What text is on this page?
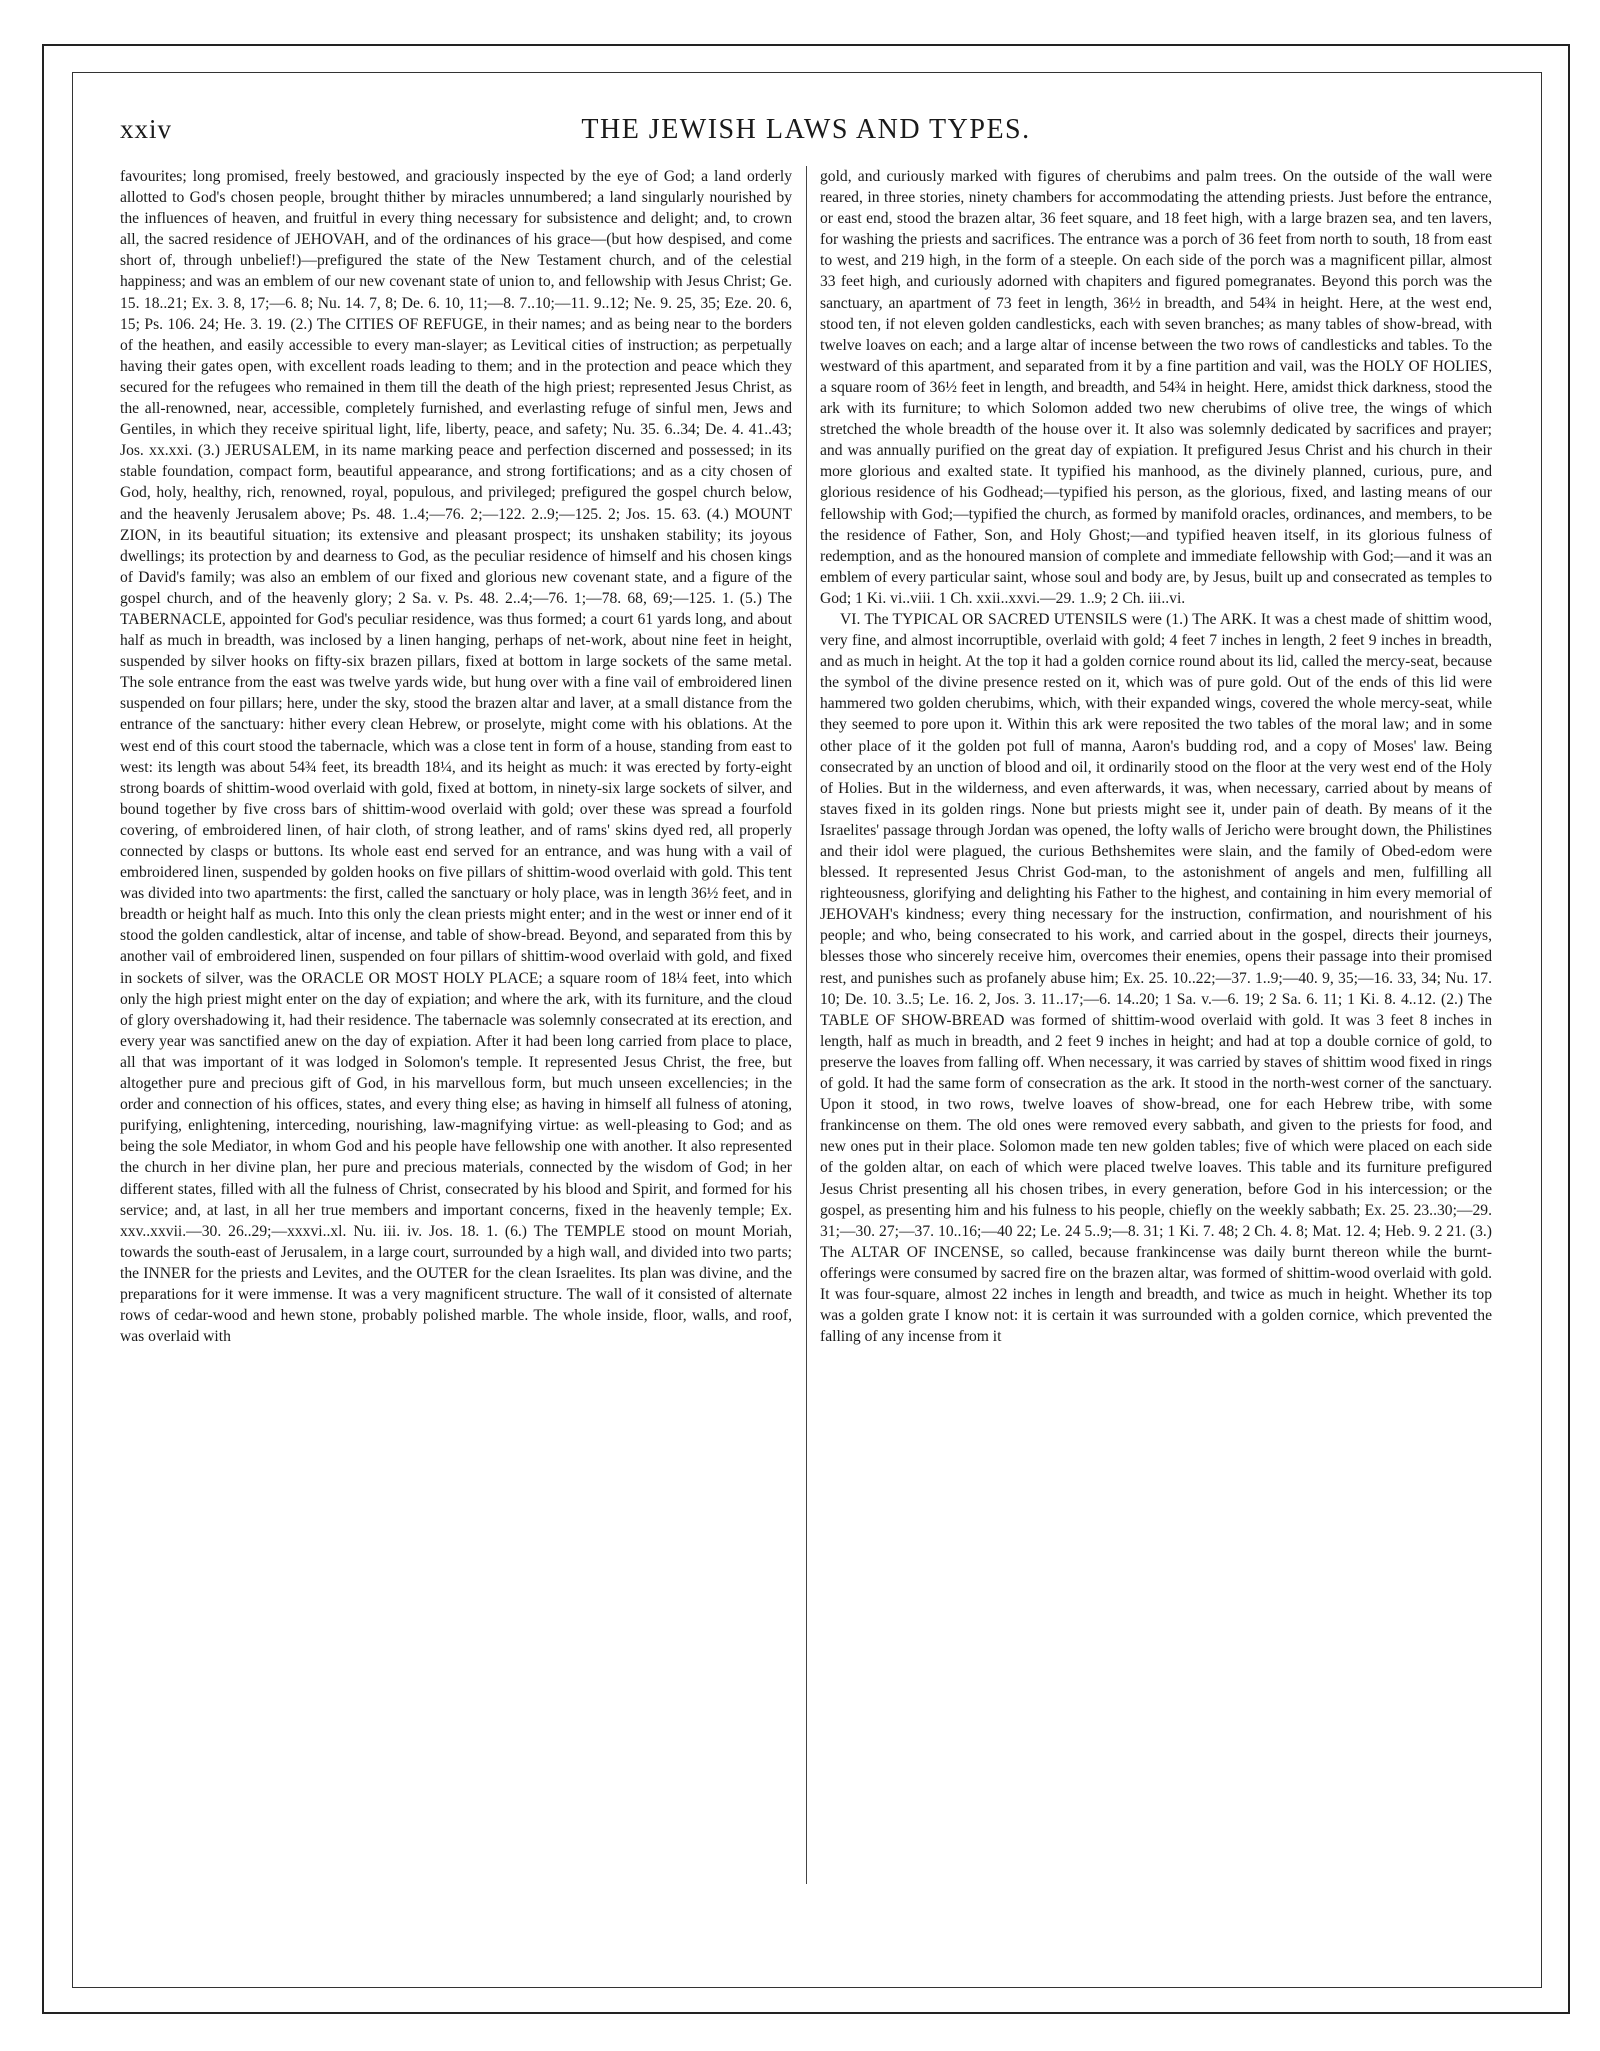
xxiv	THE JEWISH LAWS AND TYPES.

favourites; long promised, freely bestowed, and graciously inspected by the eye of God; a land orderly allotted to God's chosen people, brought thither by miracles unnumbered; a land singularly nourished by the influences of heaven, and fruitful in every thing necessary for subsistence and delight; and, to crown all, the sacred residence of JEHOVAH, and of the ordinances of his grace—(but how despised, and come short of, through unbelief!)—prefigured the state of the New Testament church, and of the celestial happiness; and was an emblem of our new covenant state of union to, and fellowship with Jesus Christ; Ge. 15. 18..21; Ex. 3. 8, 17;—6. 8; Nu. 14. 7, 8; De. 6. 10, 11;—8. 7..10;—11. 9..12; Ne. 9. 25, 35; Eze. 20. 6, 15; Ps. 106. 24; He. 3. 19. (2.) The CITIES OF REFUGE, in their names; and as being near to the borders of the heathen, and easily accessible to every man-slayer; as Levitical cities of instruction; as perpetually having their gates open, with excellent roads leading to them; and in the protection and peace which they secured for the refugees who remained in them till the death of the high priest; represented Jesus Christ, as the all-renowned, near, accessible, completely furnished, and everlasting refuge of sinful men, Jews and Gentiles, in which they receive spiritual light, life, liberty, peace, and safety; Nu. 35. 6..34; De. 4. 41..43; Jos. xx.xxi. (3.) JERUSALEM, in its name marking peace and perfection discerned and possessed; in its stable foundation, compact form, beautiful appearance, and strong fortifications; and as a city chosen of God, holy, healthy, rich, renowned, royal, populous, and privileged; prefigured the gospel church below, and the heavenly Jerusalem above; Ps. 48. 1..4;—76. 2;—122. 2..9;—125. 2; Jos. 15. 63. (4.) MOUNT ZION, in its beautiful situation; its extensive and pleasant prospect; its unshaken stability; its joyous dwellings; its protection by and dearness to God, as the peculiar residence of himself and his chosen kings of David's family; was also an emblem of our fixed and glorious new covenant state, and a figure of the gospel church, and of the heavenly glory; 2 Sa. v. Ps. 48. 2..4;—76. 1;—78. 68, 69;—125. 1. (5.) The TABERNACLE, appointed for God's peculiar residence, was thus formed; a court 61 yards long, and about half as much in breadth, was inclosed by a linen hanging, perhaps of net-work, about nine feet in height, suspended by silver hooks on fifty-six brazen pillars, fixed at bottom in large sockets of the same metal. The sole entrance from the east was twelve yards wide, but hung over with a fine vail of embroidered linen suspended on four pillars; here, under the sky, stood the brazen altar and laver, at a small distance from the entrance of the sanctuary: hither every clean Hebrew, or proselyte, might come with his oblations. At the west end of this court stood the tabernacle, which was a close tent in form of a house, standing from east to west: its length was about 54¾ feet, its breadth 18¼, and its height as much: it was erected by forty-eight strong boards of shittim-wood overlaid with gold, fixed at bottom, in ninety-six large sockets of silver, and bound together by five cross bars of shittim-wood overlaid with gold; over these was spread a fourfold covering, of embroidered linen, of hair cloth, of strong leather, and of rams' skins dyed red, all properly connected by clasps or buttons. Its whole east end served for an entrance, and was hung with a vail of embroidered linen, suspended by golden hooks on five pillars of shittim-wood overlaid with gold. This tent was divided into two apartments: the first, called the sanctuary or holy place, was in length 36½ feet, and in breadth or height half as much. Into this only the clean priests might enter; and in the west or inner end of it stood the golden candlestick, altar of incense, and table of show-bread. Beyond, and separated from this by another vail of embroidered linen, suspended on four pillars of shittim-wood overlaid with gold, and fixed in sockets of silver, was the ORACLE OR MOST HOLY PLACE; a square room of 18¼ feet, into which only the high priest might enter on the day of expiation; and where the ark, with its furniture, and the cloud of glory overshadowing it, had their residence. The tabernacle was solemnly consecrated at its erection, and every year was sanctified anew on the day of expiation. After it had been long carried from place to place, all that was important of it was lodged in Solomon's temple. It represented Jesus Christ, the free, but altogether pure and precious gift of God, in his marvellous form, but much unseen excellencies; in the order and connection of his offices, states, and every thing else; as having in himself all fulness of atoning, purifying, enlightening, interceding, nourishing, law-magnifying virtue: as well-pleasing to God; and as being the sole Mediator, in whom God and his people have fellowship one with another. It also represented the church in her divine plan, her pure and precious materials, connected by the wisdom of God; in her different states, filled with all the fulness of Christ, consecrated by his blood and Spirit, and formed for his service; and, at last, in all her true members and important concerns, fixed in the heavenly temple; Ex. xxv..xxvii.—30. 26..29;—xxxvi..xl. Nu. iii. iv. Jos. 18. 1. (6.) The TEMPLE stood on mount Moriah, towards the south-east of Jerusalem, in a large court, surrounded by a high wall, and divided into two parts; the INNER for the priests and Levites, and the OUTER for the clean Israelites. Its plan was divine, and the preparations for it were immense. It was a very magnificent structure. The wall of it consisted of alternate rows of cedar-wood and hewn stone, probably polished marble. The whole inside, floor, walls, and roof, was overlaid with

gold, and curiously marked with figures of cherubims and palm trees. On the outside of the wall were reared, in three stories, ninety chambers for accommodating the attending priests. Just before the entrance, or east end, stood the brazen altar, 36 feet square, and 18 feet high, with a large brazen sea, and ten lavers, for washing the priests and sacrifices. The entrance was a porch of 36 feet from north to south, 18 from east to west, and 219 high, in the form of a steeple. On each side of the porch was a magnificent pillar, almost 33 feet high, and curiously adorned with chapiters and figured pomegranates. Beyond this porch was the sanctuary, an apartment of 73 feet in length, 36½ in breadth, and 54¾ in height. Here, at the west end, stood ten, if not eleven golden candlesticks, each with seven branches; as many tables of show-bread, with twelve loaves on each; and a large altar of incense between the two rows of candlesticks and tables. To the westward of this apartment, and separated from it by a fine partition and vail, was the HOLY OF HOLIES, a square room of 36½ feet in length, and breadth, and 54¾ in height. Here, amidst thick darkness, stood the ark with its furniture; to which Solomon added two new cherubims of olive tree, the wings of which stretched the whole breadth of the house over it. It also was solemnly dedicated by sacrifices and prayer; and was annually purified on the great day of expiation. It prefigured Jesus Christ and his church in their more glorious and exalted state. It typified his manhood, as the divinely planned, curious, pure, and glorious residence of his Godhead;—typified his person, as the glorious, fixed, and lasting means of our fellowship with God;—typified the church, as formed by manifold oracles, ordinances, and members, to be the residence of Father, Son, and Holy Ghost;—and typified heaven itself, in its glorious fulness of redemption, and as the honoured mansion of complete and immediate fellowship with God;—and it was an emblem of every particular saint, whose soul and body are, by Jesus, built up and consecrated as temples to God; 1 Ki. vi..viii. 1 Ch. xxii..xxvi.—29. 1..9; 2 Ch. iii..vi.

VI. The TYPICAL OR SACRED UTENSILS were (1.) The ARK. It was a chest made of shittim wood, very fine, and almost incorruptible, overlaid with gold; 4 feet 7 inches in length, 2 feet 9 inches in breadth, and as much in height. At the top it had a golden cornice round about its lid, called the mercy-seat, because the symbol of the divine presence rested on it, which was of pure gold. Out of the ends of this lid were hammered two golden cherubims, which, with their expanded wings, covered the whole mercy-seat, while they seemed to pore upon it. Within this ark were reposited the two tables of the moral law; and in some other place of it the golden pot full of manna, Aaron's budding rod, and a copy of Moses' law. Being consecrated by an unction of blood and oil, it ordinarily stood on the floor at the very west end of the Holy of Holies. But in the wilderness, and even afterwards, it was, when necessary, carried about by means of staves fixed in its golden rings. None but priests might see it, under pain of death. By means of it the Israelites' passage through Jordan was opened, the lofty walls of Jericho were brought down, the Philistines and their idol were plagued, the curious Bethshemites were slain, and the family of Obed-edom were blessed. It represented Jesus Christ God-man, to the astonishment of angels and men, fulfilling all righteousness, glorifying and delighting his Father to the highest, and containing in him every memorial of JEHOVAH's kindness; every thing necessary for the instruction, confirmation, and nourishment of his people; and who, being consecrated to his work, and carried about in the gospel, directs their journeys, blesses those who sincerely receive him, overcomes their enemies, opens their passage into their promised rest, and punishes such as profanely abuse him; Ex. 25. 10..22;—37. 1..9;—40. 9, 35;—16. 33, 34; Nu. 17. 10; De. 10. 3..5; Le. 16. 2, Jos. 3. 11..17;—6. 14..20; 1 Sa. v.—6. 19; 2 Sa. 6. 11; 1 Ki. 8. 4..12. (2.) The TABLE OF SHOW-BREAD was formed of shittim-wood overlaid with gold. It was 3 feet 8 inches in length, half as much in breadth, and 2 feet 9 inches in height; and had at top a double cornice of gold, to preserve the loaves from falling off. When necessary, it was carried by staves of shittim wood fixed in rings of gold. It had the same form of consecration as the ark. It stood in the north-west corner of the sanctuary. Upon it stood, in two rows, twelve loaves of show-bread, one for each Hebrew tribe, with some frankincense on them. The old ones were removed every sabbath, and given to the priests for food, and new ones put in their place. Solomon made ten new golden tables; five of which were placed on each side of the golden altar, on each of which were placed twelve loaves. This table and its furniture prefigured Jesus Christ presenting all his chosen tribes, in every generation, before God in his intercession; or the gospel, as presenting him and his fulness to his people, chiefly on the weekly sabbath; Ex. 25. 23..30;—29. 31;—30. 27;—37. 10..16;—40 22; Le. 24 5..9;—8. 31; 1 Ki. 7. 48; 2 Ch. 4. 8; Mat. 12. 4; Heb. 9. 2 21. (3.) The ALTAR OF INCENSE, so called, because frankincense was daily burnt thereon while the burnt-offerings were consumed by sacred fire on the brazen altar, was formed of shittim-wood overlaid with gold. It was four-square, almost 22 inches in length and breadth, and twice as much in height. Whether its top was a golden grate I know not: it is certain it was surrounded with a golden cornice, which prevented the falling of any incense from it
